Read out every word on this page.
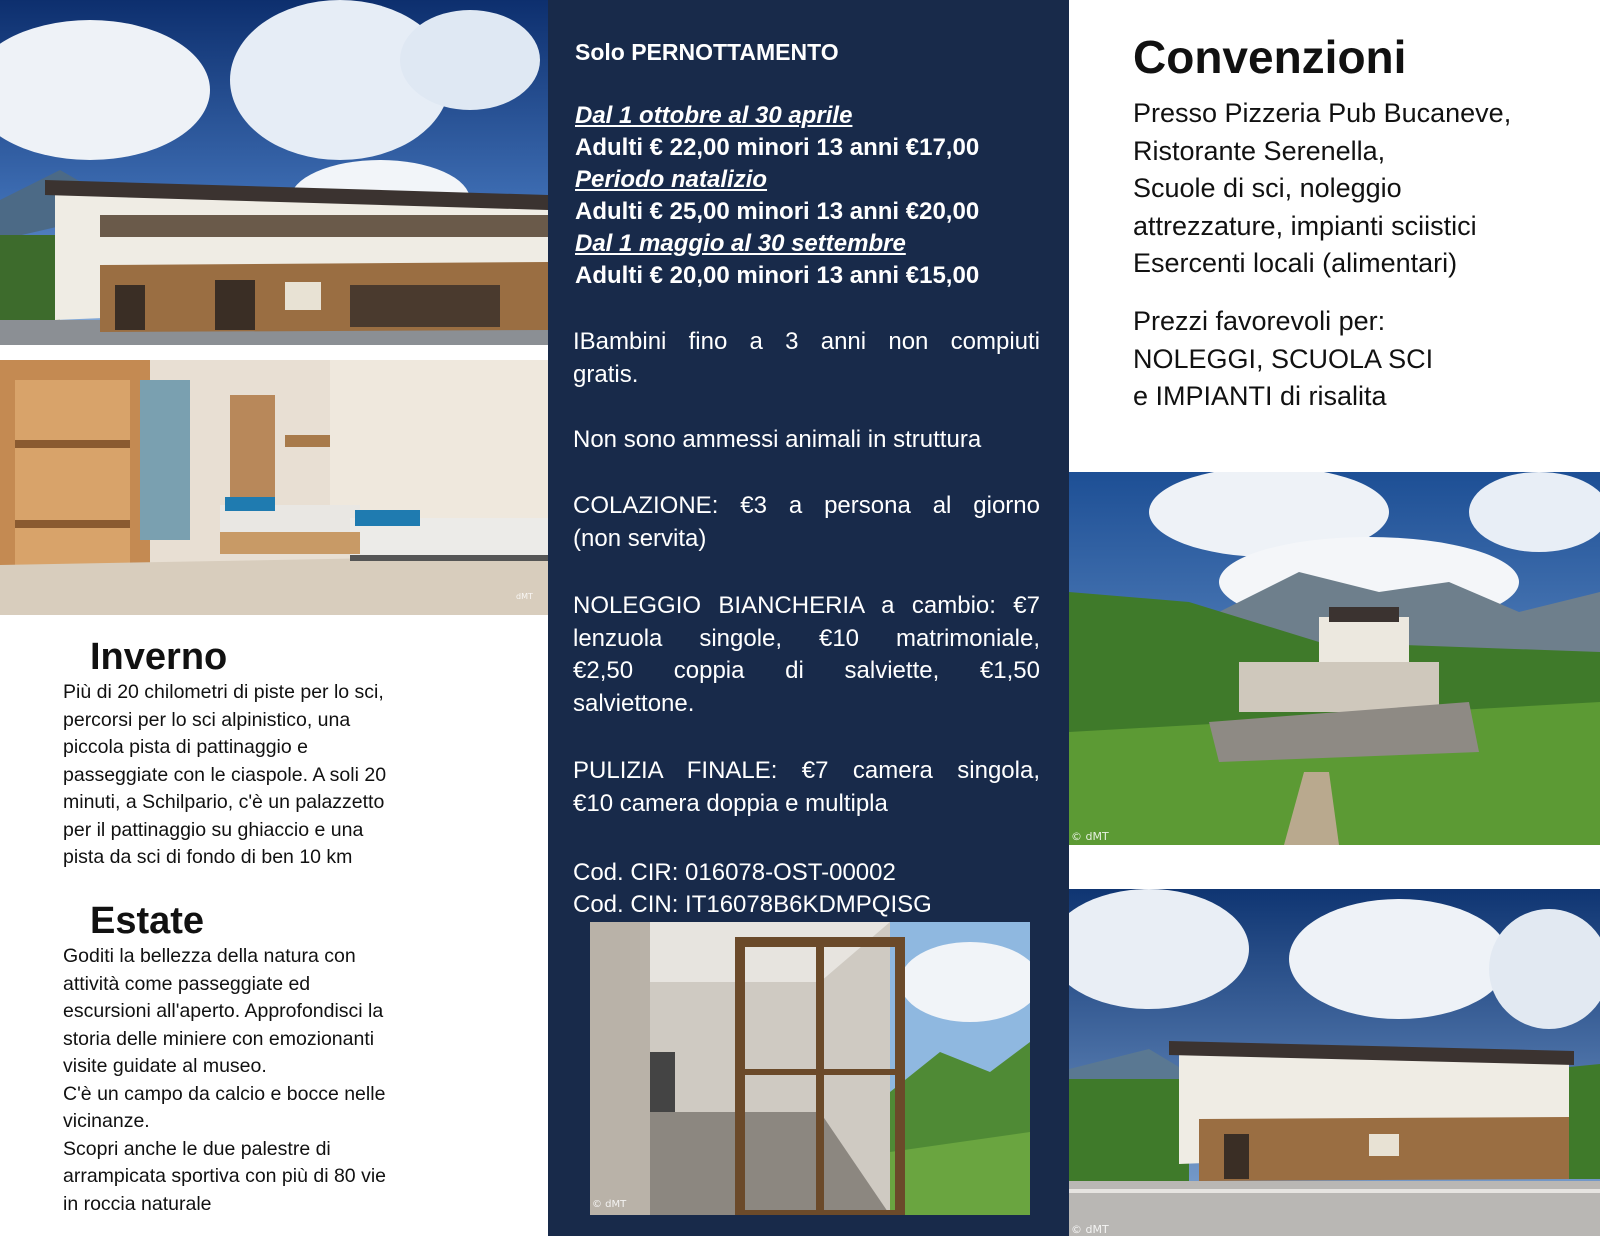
dMT
Inverno

Più di 20 chilometri di piste per lo sci,
percorsi per lo sci alpinistico, una
piccola pista di pattinaggio e
passeggiate con le ciaspole. A soli 20
minuti, a Schilpario, c'è un palazzetto
per il pattinaggio su ghiaccio e una
pista da sci di fondo di ben 10 km

Estate

Goditi la bellezza della natura con
attività come passeggiate ed
escursioni all'aperto. Approfondisci la
storia delle miniere con emozionanti
visite guidate al museo.
C'è un campo da calcio e bocce nelle
vicinanze.
Scopri anche le due palestre di
arrampicata sportiva con più di 80 vie
in roccia naturale

Solo PERNOTTAMENTO
Dal 1 ottobre al 30 aprile
Adulti € 22,00 minori 13 anni €17,00
Periodo natalizio
Adulti € 25,00 minori 13 anni €20,00
Dal 1 maggio al 30 settembre
Adulti € 20,00 minori 13 anni €15,00

IBambini fino a 3 anni non compiuti
gratis.

Non sono ammessi animali in struttura

COLAZIONE: €3 a persona al giorno
(non servita)

NOLEGGIO BIANCHERIA a cambio: €7
lenzuola singole, €10 matrimoniale,
€2,50 coppia di salviette, €1,50
salviettone.

PULIZIA FINALE: €7 camera singola,
€10 camera doppia e multipla

Cod. CIR: 016078-OST-00002
Cod. CIN: IT16078B6KDMPQISG
© dMT
Convenzioni

Presso Pizzeria Pub Bucaneve,
Ristorante Serenella,
Scuole di sci, noleggio
attrezzature, impianti sciistici
Esercenti locali (alimentari)

Prezzi favorevoli per:
NOLEGGI, SCUOLA SCI
e IMPIANTI di risalita

© dMT
© dMT
